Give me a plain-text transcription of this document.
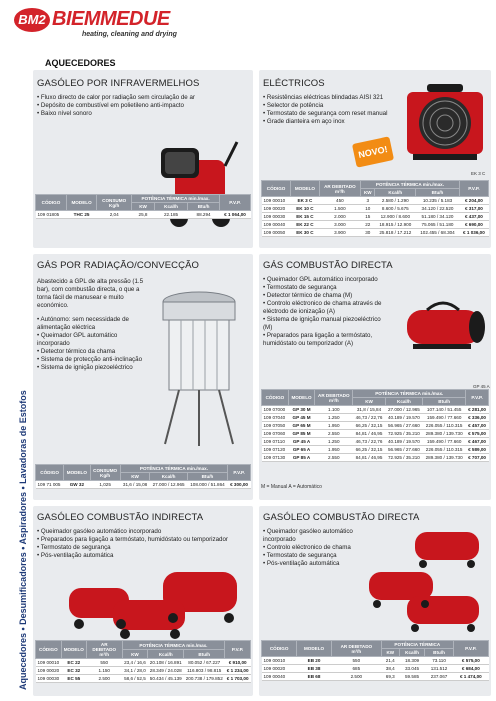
BM2 BIEMMEDUE
heating, cleaning and drying
AQUECEDORES
Aquecedores • Desumificadores • Aspiradores • Lavadoras de Estofos
GASÓLEO POR INFRAVERMELHOS
• Fluxo directo de calor por radiação sem circulação de ar
• Depósito de combustível em polietileno anti-impacto
• Baixo nível sonoro
CÓDIGO	MODELO	CONSUMO
Kg/h	POTÊNCIA TÉRMICA min./max.			P.V.P.
			KW	Kcal/h	Btu/h	
109 01805	THC 25	2,04	25,8	22.185	88.294	€ 1 064,00
ELÉCTRICOS
• Resistências eléctricas blindadas AISI 321
• Selector de potência
• Termostato de segurança com reset manual
• Grade dianteira em aço inox
NOVO!
EK 3 C
CÓDIGO	MODELO	AR DEBITADO
m³/h	POTÊNCIA TÉRMICA min./max.			P.V.P.
			KW	Kcal/h	Btu/h	
109 00010	EK 3 C	450	3	2.580 / 1.290	10.235 / 5.183	€ 204,00
109 00020	EK 10 C	1.500	10	8.600 / 5.675	34.120 / 22.520	€ 317,00
109 00030	EK 15 C	2.000	15	12.900 / 8.600	51.180 / 34.120	€ 437,00
109 00040	EK 22 C	3.000	22	18.915 / 12.900	75.065 / 51.180	€ 690,00
109 00050	EK 30 C	3.900	30	25.818 / 17.212	102.455 / 68.304	€ 1 036,00
GÁS POR RADIAÇÃO/CONVECÇÃO
Abastecido a GPL de alta pressão (1.5 bar), com combustão directa, o que a torna fácil de manusear e muito económico.
• Autónomo: sem necessidade de alimentação eléctrica
• Queimador GPL automático incorporado
• Detector térmico da chama
• Sistema de protecção anti-inclinação
• Sistema de ignição piezoeléctrico
CÓDIGO	MODELO	CONSUMO
Kg/h	POTÊNCIA TÉRMICA min./max.			P.V.P.
			KW	Kcal/h	Btu/h	
109 71 005	GW 32	1,025	31,6 / 15,08	27.000 / 12.965	108.000 / 51.864	€ 300,00
GÁS COMBUSTÃO DIRECTA
• Queimador GPL automático incorporado
• Termostato de segurança
• Detector térmico de chama (M)
• Controlo eléctronico de chama através de eléctrodo de ionização (A)
• Sistema de ignição manual piezoeléctrico (M)
• Preparados para ligação a termóstato, humidóstato ou temporizador (A)
GP 45 A
CÓDIGO	MODELO	AR DEBITADO
m³/h	POTÊNCIA TÉRMICA min./max.			P.V.P.
			KW	Kcal/h	Btu/h	
109 07000	GP 30 M	1.100	31,8 / 15,84	27.000 / 12.965	107.140 / 51.455	€ 281,00
109 07040	GP 45 M	1.250	46,73 / 22,76	40.189 / 19.570	159.490 / 77.660	€ 336,00
109 07050	GP 65 M	1.950	66,25 / 32,15	56.965 / 27.660	226.055 / 110.315	€ 457,00
109 07060	GP 85 M	2.550	84,81 / 46,95	72.925 / 35.210	289.380 / 139.730	€ 575,00
109 07110	GP 45 A	1.250	46,73 / 22,76	40.189 / 19.570	159.490 / 77.660	€ 467,00
109 07120	GP 65 A	1.950	66,25 / 32,15	56.965 / 27.660	226.055 / 110.315	€ 589,00
109 07130	GP 85 A	2.550	84,81 / 46,95	72.925 / 35.210	289.380 / 139.730	€ 707,00
M = Manual A = Automático
GASÓLEO COMBUSTÃO INDIRECTA
• Queimador gasóleo automático incorporado
• Preparados para ligação a termóstato, humidóstato ou temporizador
• Termostato de segurança
• Pós-ventilação automática
CÓDIGO	MODELO	AR DEBITADO
m³/h	POTÊNCIA TÉRMICA min./max.			P.V.P.
			KW	Kcal/h	Btu/h	
109 00010	EC 22	550	23,4 / 16,6	20.108 / 16.891	80.052 / 67.227	€ 910,00
109 00020	EC 32	1.150	34,1 / 28,0	28.349 / 24.028	116.803 / 98.815	€ 1 234,00
109 00030	EC 55	2.500	58,6 / 52,5	50.434 / 45.139	200.738 / 179.852	€ 1 703,00
GASÓLEO COMBUSTÃO DIRECTA
• Queimador gasóleo automático incorporado
• Controlo eléctronico de chama
• Termostato de segurança
• Pós-ventilação automática
CÓDIGO	MODELO	AR DEBITADO
m³/h	POTÊNCIA TÉRMICA			P.V.P.
			KW	Kcal/h	Btu/h	
109 00010	EB 20	550	21,4	18.309	73.110	€ 575,00
109 00020	EB 38	685	38,4	33.045	131.512	€ 684,00
109 00040	EB 68	2.500	69,3	59.585	237.067	€ 1 474,00
